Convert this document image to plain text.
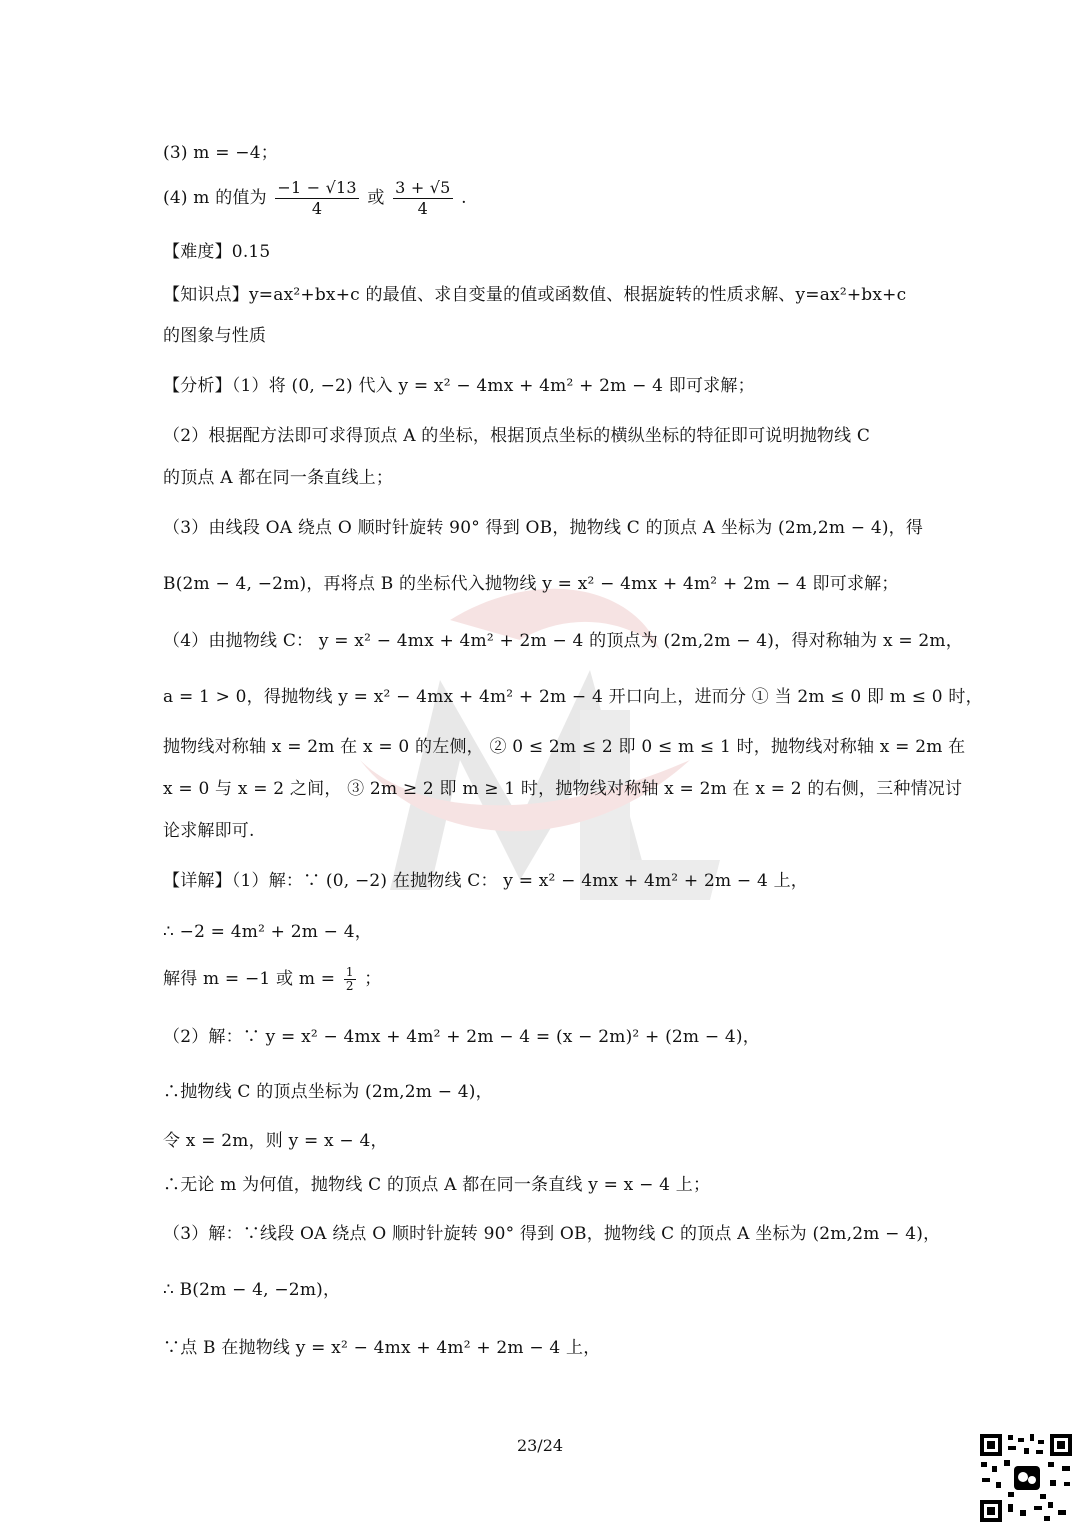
(3) m = −4；
(4) m 的值为 $\frac{-1 - √13}{4}$ 或 $\frac{3 + √5}{4}$ .
【难度】0.15
【知识点】y=ax²+bx+c 的最值、求自变量的值或函数值、根据旋转的性质求解、y=ax²+bx+c
的图象与性质
【分析】（1）将 (0, −2) 代入 y = x² − 4mx + 4m² + 2m − 4 即可求解；
（2）根据配方法即可求得顶点 A 的坐标，根据顶点坐标的横纵坐标的特征即可说明抛物线 C
的顶点 A 都在同一条直线上；
（3）由线段 OA 绕点 O 顺时针旋转 90° 得到 OB，抛物线 C 的顶点 A 坐标为 (2m,2m − 4)，得
B(2m − 4, −2m)，再将点 B 的坐标代入抛物线 y = x² − 4mx + 4m² + 2m − 4 即可求解；
（4）由抛物线 C： y = x² − 4mx + 4m² + 2m − 4 的顶点为 (2m,2m − 4)，得对称轴为 x = 2m，
a = 1 > 0，得抛物线 y = x² − 4mx + 4m² + 2m − 4 开口向上，进而分 ① 当 2m ≤ 0 即 m ≤ 0 时，
抛物线对称轴 x = 2m 在 x = 0 的左侧， ② 0 ≤ 2m ≤ 2 即 0 ≤ m ≤ 1 时，抛物线对称轴 x = 2m 在
x = 0 与 x = 2 之间， ③ 2m ≥ 2 即 m ≥ 1 时，抛物线对称轴 x = 2m 在 x = 2 的右侧，三种情况讨
论求解即可.
【详解】（1）解：∵ (0, −2) 在抛物线 C： y = x² − 4mx + 4m² + 2m − 4 上，
∴ −2 = 4m² + 2m − 4，
解得 m = −1 或 $m = \frac{1}{2}$ ；
（2）解：∵ y = x² − 4mx + 4m² + 2m − 4 = (x − 2m)² + (2m − 4)，
∴抛物线 C 的顶点坐标为 (2m,2m − 4)，
令 x = 2m，则 y = x − 4，
∴无论 m 为何值，抛物线 C 的顶点 A 都在同一条直线 y = x − 4 上；
（3）解：∵线段 OA 绕点 O 顺时针旋转 90° 得到 OB，抛物线 C 的顶点 A 坐标为 (2m,2m − 4)，
∴ B(2m − 4, −2m)，
∵点 B 在抛物线 y = x² − 4mx + 4m² + 2m − 4 上，
23/24
